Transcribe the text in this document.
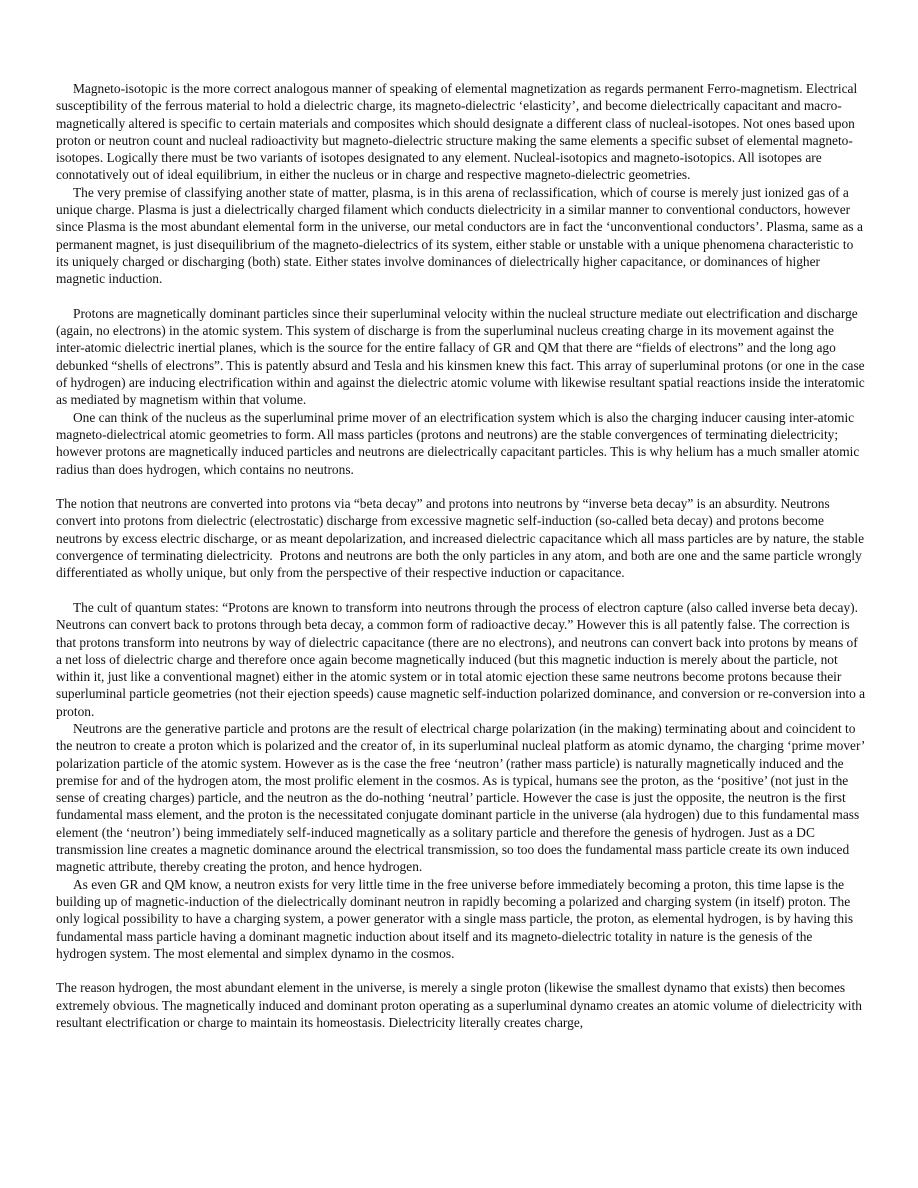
Magneto-isotopic is the more correct analogous manner of speaking of elemental magnetization as regards permanent Ferro-magnetism. Electrical susceptibility of the ferrous material to hold a dielectric charge, its magneto-dielectric ‘elasticity’, and become dielectrically capacitant and macro-magnetically altered is specific to certain materials and composites which should designate a different class of nucleal-isotopes. Not ones based upon proton or neutron count and nucleal radioactivity but magneto-dielectric structure making the same elements a specific subset of elemental magneto-isotopes. Logically there must be two variants of isotopes designated to any element. Nucleal-isotopics and magneto-isotopics. All isotopes are connotatively out of ideal equilibrium, in either the nucleus or in charge and respective magneto-dielectric geometries.

The very premise of classifying another state of matter, plasma, is in this arena of reclassification, which of course is merely just ionized gas of a unique charge. Plasma is just a dielectrically charged filament which conducts dielectricity in a similar manner to conventional conductors, however since Plasma is the most abundant elemental form in the universe, our metal conductors are in fact the ‘unconventional conductors’. Plasma, same as a permanent magnet, is just disequilibrium of the magneto-dielectrics of its system, either stable or unstable with a unique phenomena characteristic to its uniquely charged or discharging (both) state. Either states involve dominances of dielectrically higher capacitance, or dominances of higher magnetic induction.

Protons are magnetically dominant particles since their superluminal velocity within the nucleal structure mediate out electrification and discharge (again, no electrons) in the atomic system. This system of discharge is from the superluminal nucleus creating charge in its movement against the inter-atomic dielectric inertial planes, which is the source for the entire fallacy of GR and QM that there are “fields of electrons” and the long ago debunked “shells of electrons”. This is patently absurd and Tesla and his kinsmen knew this fact. This array of superluminal protons (or one in the case of hydrogen) are inducing electrification within and against the dielectric atomic volume with likewise resultant spatial reactions inside the interatomic as mediated by magnetism within that volume.

One can think of the nucleus as the superluminal prime mover of an electrification system which is also the charging inducer causing inter-atomic magneto-dielectrical atomic geometries to form. All mass particles (protons and neutrons) are the stable convergences of terminating dielectricity; however protons are magnetically induced particles and neutrons are dielectrically capacitant particles. This is why helium has a much smaller atomic radius than does hydrogen, which contains no neutrons.

The notion that neutrons are converted into protons via “beta decay” and protons into neutrons by “inverse beta decay” is an absurdity. Neutrons convert into protons from dielectric (electrostatic) discharge from excessive magnetic self-induction (so-called beta decay) and protons become neutrons by excess electric discharge, or as meant depolarization, and increased dielectric capacitance which all mass particles are by nature, the stable convergence of terminating dielectricity.  Protons and neutrons are both the only particles in any atom, and both are one and the same particle wrongly differentiated as wholly unique, but only from the perspective of their respective induction or capacitance.

The cult of quantum states: “Protons are known to transform into neutrons through the process of electron capture (also called inverse beta decay). Neutrons can convert back to protons through beta decay, a common form of radioactive decay.” However this is all patently false. The correction is that protons transform into neutrons by way of dielectric capacitance (there are no electrons), and neutrons can convert back into protons by means of a net loss of dielectric charge and therefore once again become magnetically induced (but this magnetic induction is merely about the particle, not within it, just like a conventional magnet) either in the atomic system or in total atomic ejection these same neutrons become protons because their superluminal particle geometries (not their ejection speeds) cause magnetic self-induction polarized dominance, and conversion or re-conversion into a proton.

Neutrons are the generative particle and protons are the result of electrical charge polarization (in the making) terminating about and coincident to the neutron to create a proton which is polarized and the creator of, in its superluminal nucleal platform as atomic dynamo, the charging ‘prime mover’ polarization particle of the atomic system. However as is the case the free ‘neutron’ (rather mass particle) is naturally magnetically induced and the premise for and of the hydrogen atom, the most prolific element in the cosmos. As is typical, humans see the proton, as the ‘positive’ (not just in the sense of creating charges) particle, and the neutron as the do-nothing ‘neutral’ particle. However the case is just the opposite, the neutron is the first fundamental mass element, and the proton is the necessitated conjugate dominant particle in the universe (ala hydrogen) due to this fundamental mass element (the ‘neutron’) being immediately self-induced magnetically as a solitary particle and therefore the genesis of hydrogen. Just as a DC transmission line creates a magnetic dominance around the electrical transmission, so too does the fundamental mass particle create its own induced magnetic attribute, thereby creating the proton, and hence hydrogen.

As even GR and QM know, a neutron exists for very little time in the free universe before immediately becoming a proton, this time lapse is the building up of magnetic-induction of the dielectrically dominant neutron in rapidly becoming a polarized and charging system (in itself) proton. The only logical possibility to have a charging system, a power generator with a single mass particle, the proton, as elemental hydrogen, is by having this fundamental mass particle having a dominant magnetic induction about itself and its magneto-dielectric totality in nature is the genesis of the hydrogen system. The most elemental and simplex dynamo in the cosmos.

The reason hydrogen, the most abundant element in the universe, is merely a single proton (likewise the smallest dynamo that exists) then becomes extremely obvious. The magnetically induced and dominant proton operating as a superluminal dynamo creates an atomic volume of dielectricity with resultant electrification or charge to maintain its homeostasis. Dielectricity literally creates charge,
